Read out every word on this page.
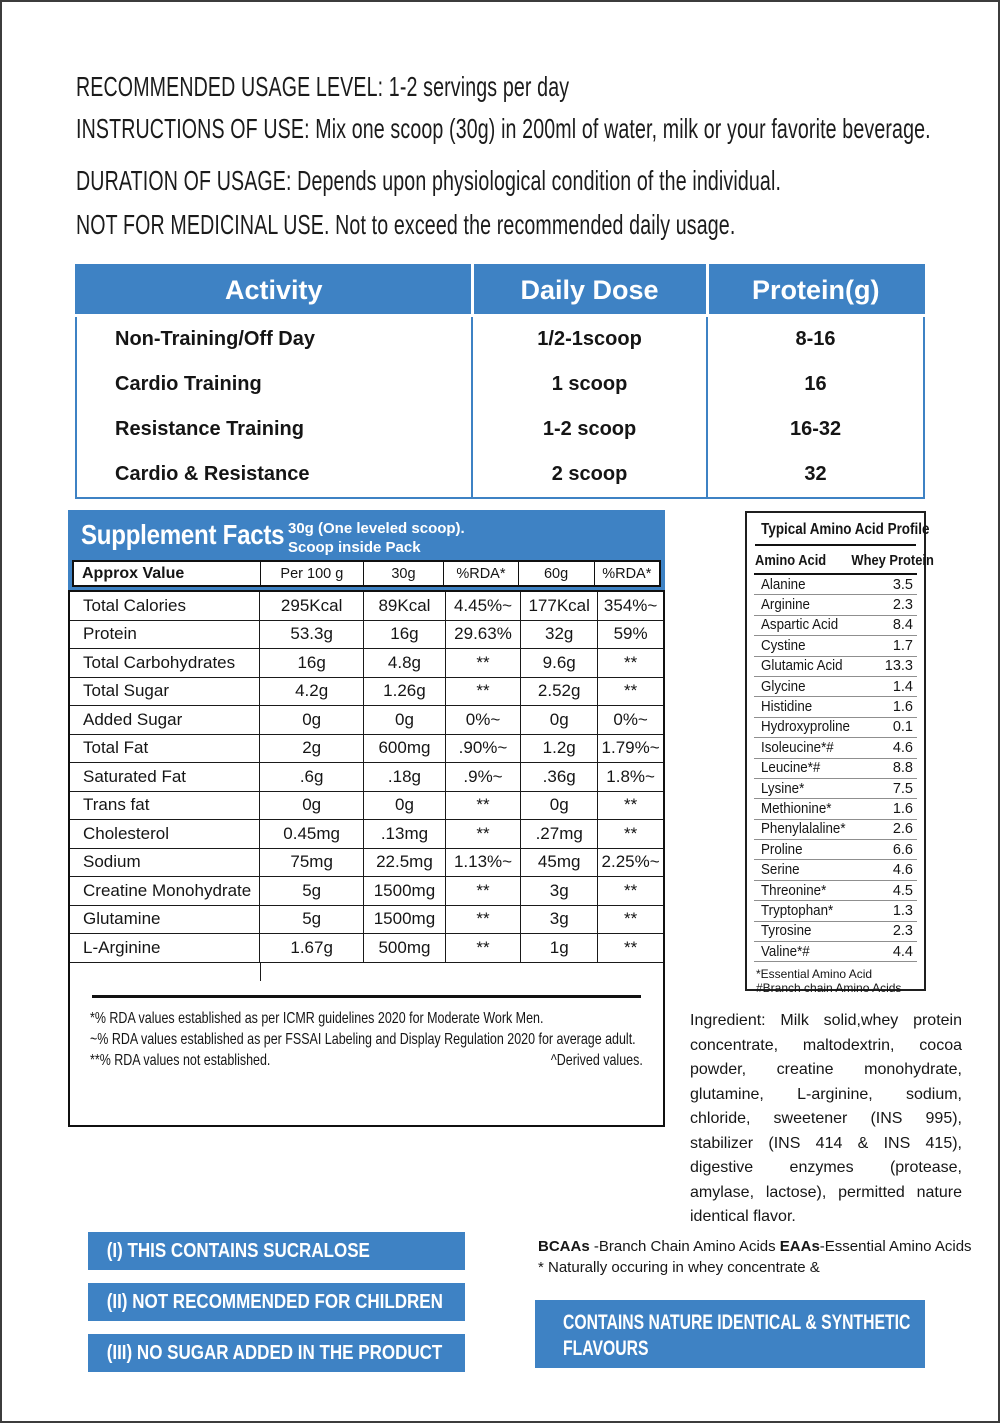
RECOMMENDED USAGE LEVEL: 1-2 servings per day
INSTRUCTIONS OF USE: Mix one scoop (30g) in 200ml of water, milk or your favorite beverage.
DURATION OF USAGE: Depends upon physiological condition of the individual.
NOT FOR MEDICINAL USE. Not to exceed the recommended daily usage.
Activity	Daily Dose	Protein(g)
Non-Training/Off Day	1/2-1scoop	8-16
Cardio Training	1 scoop	16
Resistance Training	1-2 scoop	16-32
Cardio & Resistance	2 scoop	32
Supplement Facts 30g (One leveled scoop).
Scoop inside Pack
Approx Value	Per 100 g	30g	%RDA*	60g	%RDA*
Total Calories	295Kcal	89Kcal	4.45%~	177Kcal	354%~
Protein	53.3g	16g	29.63%	32g	59%
Total Carbohydrates	16g	4.8g	**	9.6g	**
Total Sugar	4.2g	1.26g	**	2.52g	**
Added Sugar	0g	0g	0%~	0g	0%~
Total Fat	2g	600mg	.90%~	1.2g	1.79%~
Saturated Fat	.6g	.18g	.9%~	.36g	1.8%~
Trans fat	0g	0g	**	0g	**
Cholesterol	0.45mg	.13mg	**	.27mg	**
Sodium	75mg	22.5mg	1.13%~	45mg	2.25%~
Creatine Monohydrate	5g	1500mg	**	3g	**
Glutamine	5g	1500mg	**	3g	**
L-Arginine	1.67g	500mg	**	1g	**
*% RDA values established as per ICMR guidelines 2020 for Moderate Work Men.
~% RDA values established as per FSSAI Labeling and Display Regulation 2020 for average adult.
**% RDA values not established.	^Derived values.
Typical Amino Acid Profile
Amino Acid Whey Protein
Alanine	3.5
Arginine	2.3
Aspartic Acid	8.4
Cystine	1.7
Glutamic Acid	13.3
Glycine	1.4
Histidine	1.6
Hydroxyproline	0.1
Isoleucine*#	4.6
Leucine*#	8.8
Lysine*	7.5
Methionine*	1.6
Phenylalaline*	2.6
Proline	6.6
Serine	4.6
Threonine*	4.5
Tryptophan*	1.3
Tyrosine	2.3
Valine*#	4.4
*Essential Amino Acid
#Branch chain Amino Acids
Ingredient: Milk solid,whey protein concentrate, maltodextrin, cocoa powder, creatine monohydrate, glutamine, L-arginine, sodium, chloride, sweetener (INS 995), stabilizer (INS 414 & INS 415), digestive enzymes (protease, amylase, lactose), permitted nature identical flavor.
(I) THIS CONTAINS SUCRALOSE
(II) NOT RECOMMENDED FOR CHILDREN
(III) NO SUGAR ADDED IN THE PRODUCT
BCAAs -Branch Chain Amino Acids EAAs-Essential Amino Acids
* Naturally occuring in whey concentrate &
CONTAINS NATURE IDENTICAL & SYNTHETIC FLAVOURS
